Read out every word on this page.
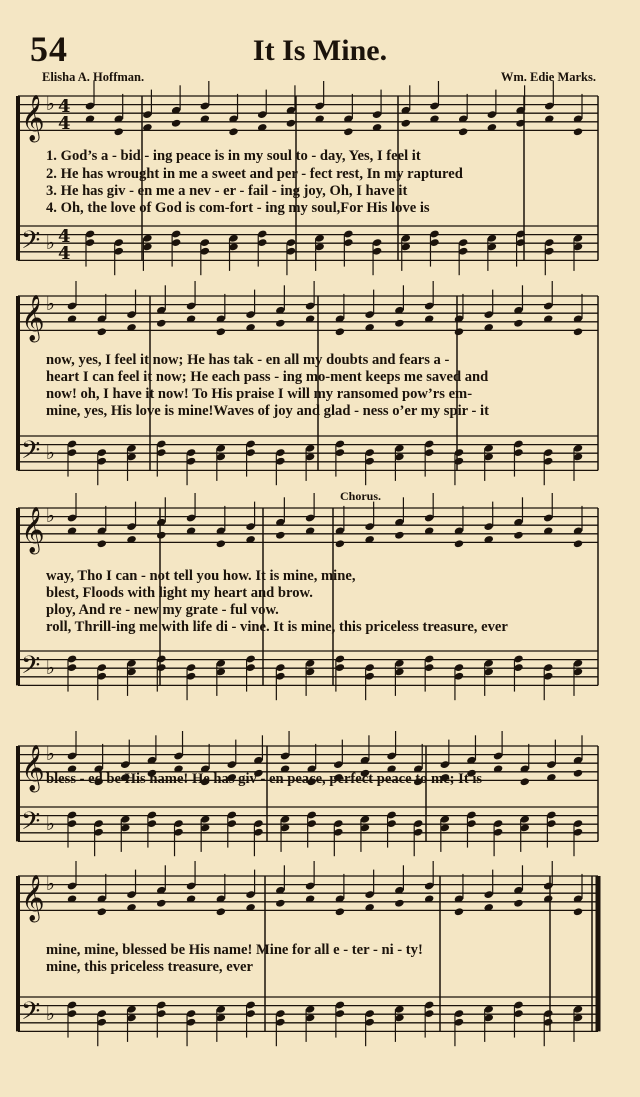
54	It Is Mine.
Elisha A. Hoffman.	Wm. Edie Marks.
Chorus.
𝄞 ♭ 4
4
𝄢 ♭ 4
4
𝄞 ♭
𝄢 ♭
𝄞 ♭
𝄢 ♭
𝄞 ♭
𝄢 ♭
𝄞 ♭
𝄢 ♭
1. God’s a - bid - ing peace is in my soul to - day, Yes, I feel it
2. He has wrought in me a sweet and per - fect rest, In my raptured
3. He has giv - en me a nev - er - fail - ing joy, Oh, I have it
4. Oh, the love of God is com-fort - ing my soul,For His love is
now, yes, I feel it now; He has tak - en all my doubts and fears a -
heart I can feel it now; He each pass - ing mo-ment keeps me saved and
now! oh, I have it now! To His praise I will my ransomed pow’rs em-
mine, yes, His love is mine!Waves of joy and glad - ness o’er my spir - it
way, Tho I can - not tell you how. It is mine, mine,
blest, Floods with light my heart and brow.
ploy, And re - new my grate - ful vow.
roll, Thrill-ing me with life di - vine. It is mine, this priceless treasure, ever
bless - ed be His name! He has giv - en peace, perfect peace to me; It is
mine, mine, blessed be His name! Mine for all e - ter - ni - ty!
mine, this priceless treasure, ever
